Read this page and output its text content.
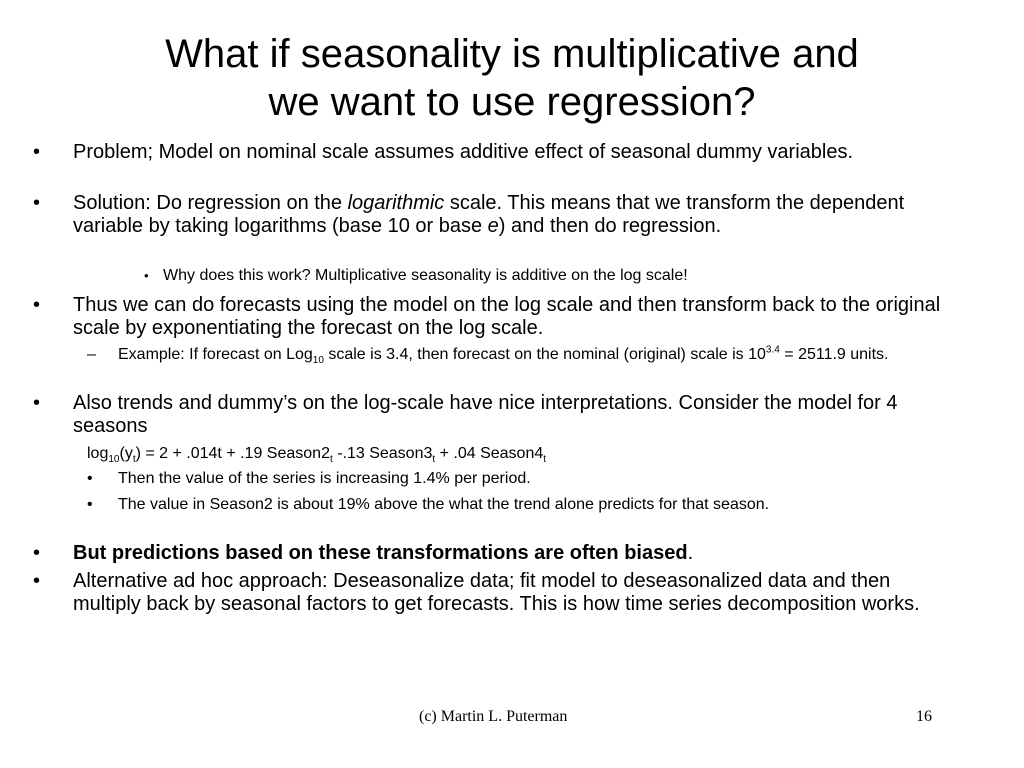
What if seasonality is multiplicative and
we want to use regression?
• Problem; Model on nominal scale assumes additive effect of seasonal dummy variables.
• Solution: Do regression on the logarithmic scale. This means that we transform the dependent variable by taking logarithms (base 10 or base e) and then do regression.
• Why does this work? Multiplicative seasonality is additive on the log scale!
• Thus we can do forecasts using the model on the log scale and then transform back to the original scale by exponentiating the forecast on the log scale.
– Example: If forecast on Log$_{10}$ scale is 3.4, then forecast on the nominal (original) scale is $10^{3.4} = 2511.9$ units.
• Also trends and dummy’s on the log-scale have nice interpretations. Consider the model for 4 seasons
$\log_{10}(y_t) = 2 + .014t + .19$ $Season2_t$ -.13 $Season3_t + .04$ $Season4_t$
• Then the value of the series is increasing 1.4% per period.
• The value in Season2 is about 19% above the what the trend alone predicts for that season.
• But predictions based on these transformations are often biased.
• Alternative ad hoc approach: Deseasonalize data; fit model to deseasonalized data and then multiply back by seasonal factors to get forecasts. This is how time series decomposition works.
(c) Martin L. Puterman	16
